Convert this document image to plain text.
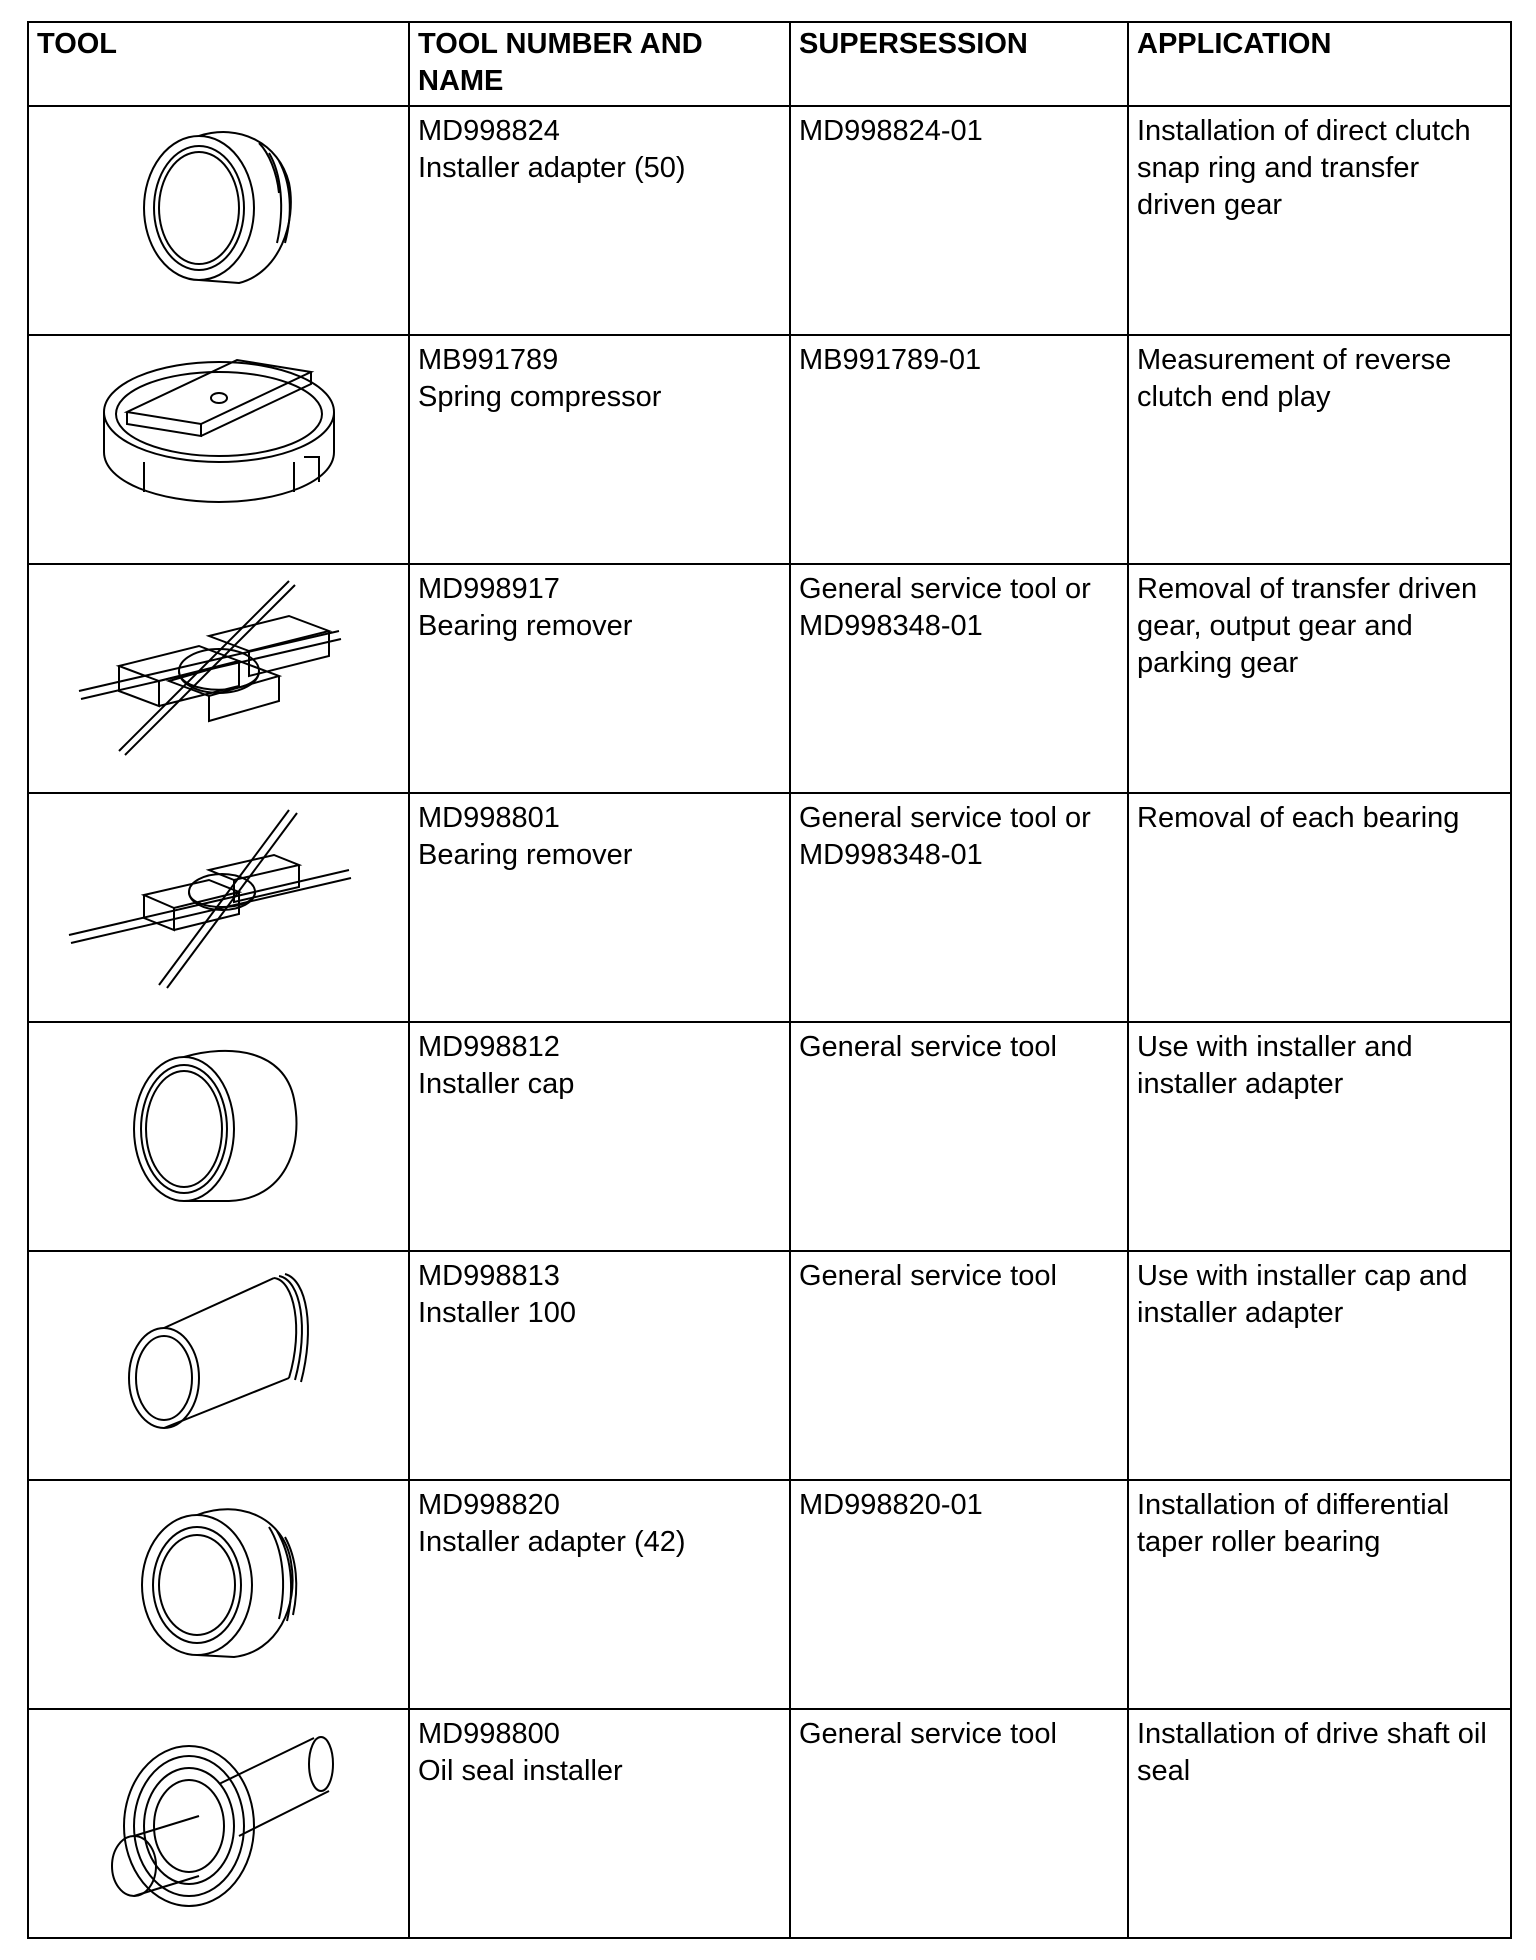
TOOL	TOOL NUMBER AND NAME	SUPERSESSION	APPLICATION

MD998824
Installer adapter (50)	MD998824-01	Installation of direct clutch snap ring and transfer driven gear

MB991789
Spring compressor	MB991789-01	Measurement of reverse clutch end play

MD998917
Bearing remover	General service tool or MD998348-01	Removal of transfer driven gear, output gear and parking gear

MD998801
Bearing remover	General service tool or MD998348-01	Removal of each bearing

MD998812
Installer cap	General service tool	Use with installer and installer adapter

MD998813
Installer 100	General service tool	Use with installer cap and installer adapter

MD998820
Installer adapter (42)	MD998820-01	Installation of differential taper roller bearing

MD998800
Oil seal installer	General service tool	Installation of drive shaft oil seal
